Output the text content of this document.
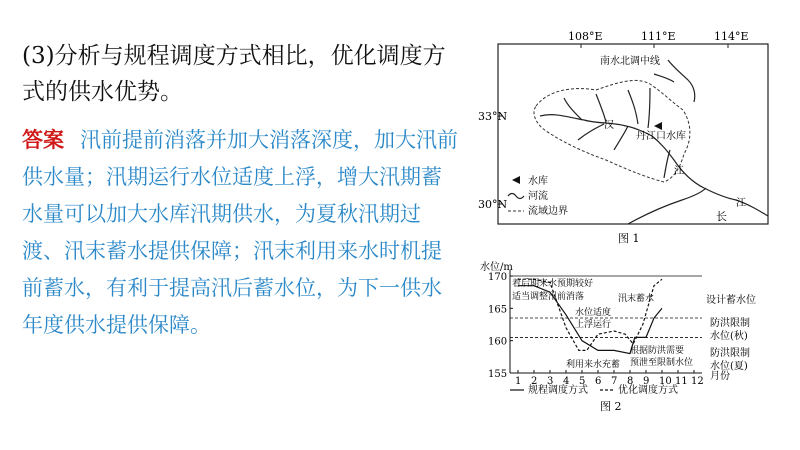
(3)分析与规程调度方式相比，优化调度方式的供水优势。
答案 汛前提前消落并加大消落深度，加大汛前供水量；汛期运行水位适度上浮，增大汛期蓄水量可以加大水库汛期供水，为夏秋汛期过渡、汛末蓄水提供保障；汛末利用来水时机提前蓄水，有利于提高汛后蓄水位，为下一供水年度供水提供保障。
108°E	111°E	114°E
33°N
30°N
南水北调中线
丹江口水库
汉
江
长
江
水库
河流
流域边界
图 1
水位/m
月份
155
160
165
170
1 2 3 4 5 6 7 8 9 10 11 12
着后期来水预期较好
适当调整汛前消落
水位适度
上浮运行
汛末蓄水
利用来水充蓄
根据防洪需要
预泄至限制水位
设计蓄水位
防洪限制
水位(秋)
防洪限制
水位(夏)
规程调度方式	优化调度方式
图 2
